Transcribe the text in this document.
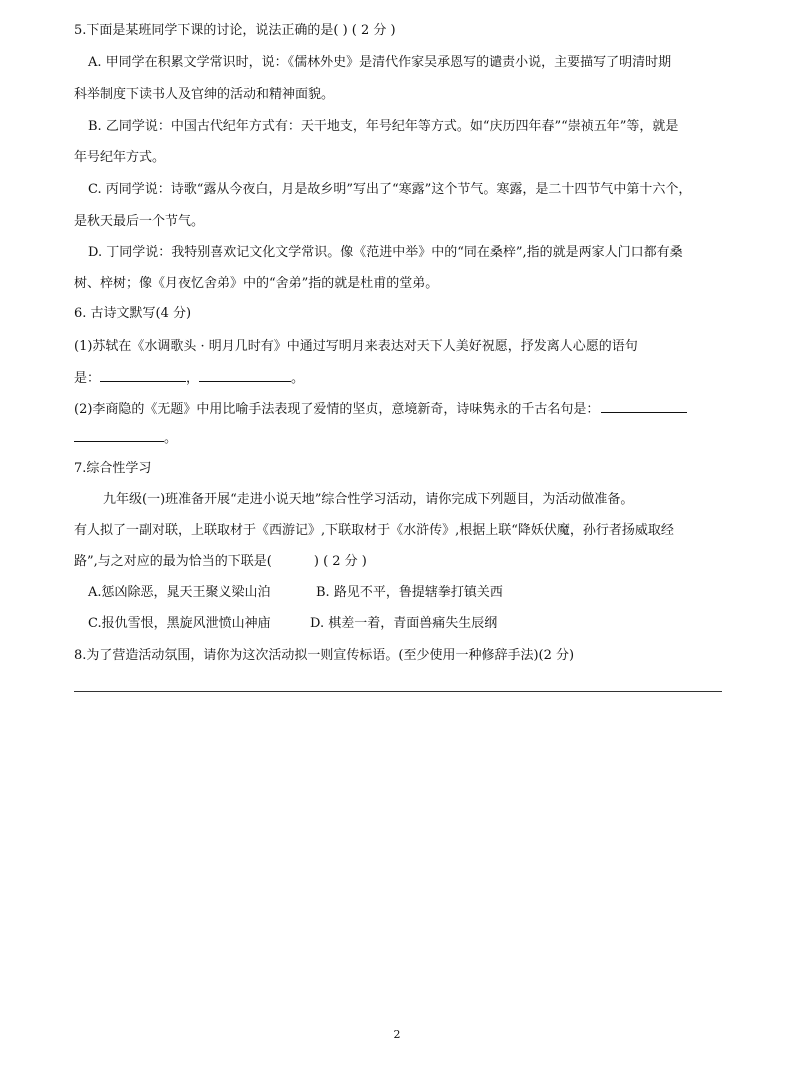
5.下面是某班同学下课的讨论，说法正确的是( ) ( 2 分 )
A. 甲同学在积累文学常识时，说：《儒林外史》是清代作家吴承恩写的谴责小说，主要描写了明清时期
科举制度下读书人及官绅的活动和精神面貌。
B. 乙同学说：中国古代纪年方式有：天干地支，年号纪年等方式。如“庆历四年春”“崇祯五年”等，就是
年号纪年方式。
C. 丙同学说：诗歌“露从今夜白，月是故乡明”写出了“寒露”这个节气。寒露，是二十四节气中第十六个，
是秋天最后一个节气。
D. 丁同学说：我特别喜欢记文化文学常识。像《范进中举》中的“同在桑梓”,指的就是两家人门口都有桑
树、梓树；像《月夜忆舍弟》中的“舍弟”指的就是杜甫的堂弟。
6. 古诗文默写(4 分)
(1)苏轼在《水调歌头 · 明月几时有》中通过写明月来表达对天下人美好祝愿，抒发离人心愿的语句
是：	，	。
(2)李商隐的《无题》中用比喻手法表现了爱情的坚贞，意境新奇，诗味隽永的千古名句是：
。
7.综合性学习
九年级(一)班准备开展“走进小说天地”综合性学习活动，请你完成下列题目，为活动做准备。
有人拟了一副对联，上联取材于《西游记》,下联取材于《水浒传》,根据上联“降妖伏魔，孙行者扬威取经
路”,与之对应的最为恰当的下联是(	) ( 2 分 )
A.惩凶除恶，晁天王聚义梁山泊	B. 路见不平，鲁提辖拳打镇关西
C.报仇雪恨，黑旋风泄愤山神庙	D. 棋差一着，青面兽痛失生辰纲
8.为了营造活动氛围，请你为这次活动拟一则宣传标语。(至少使用一种修辞手法)(2 分)
2
